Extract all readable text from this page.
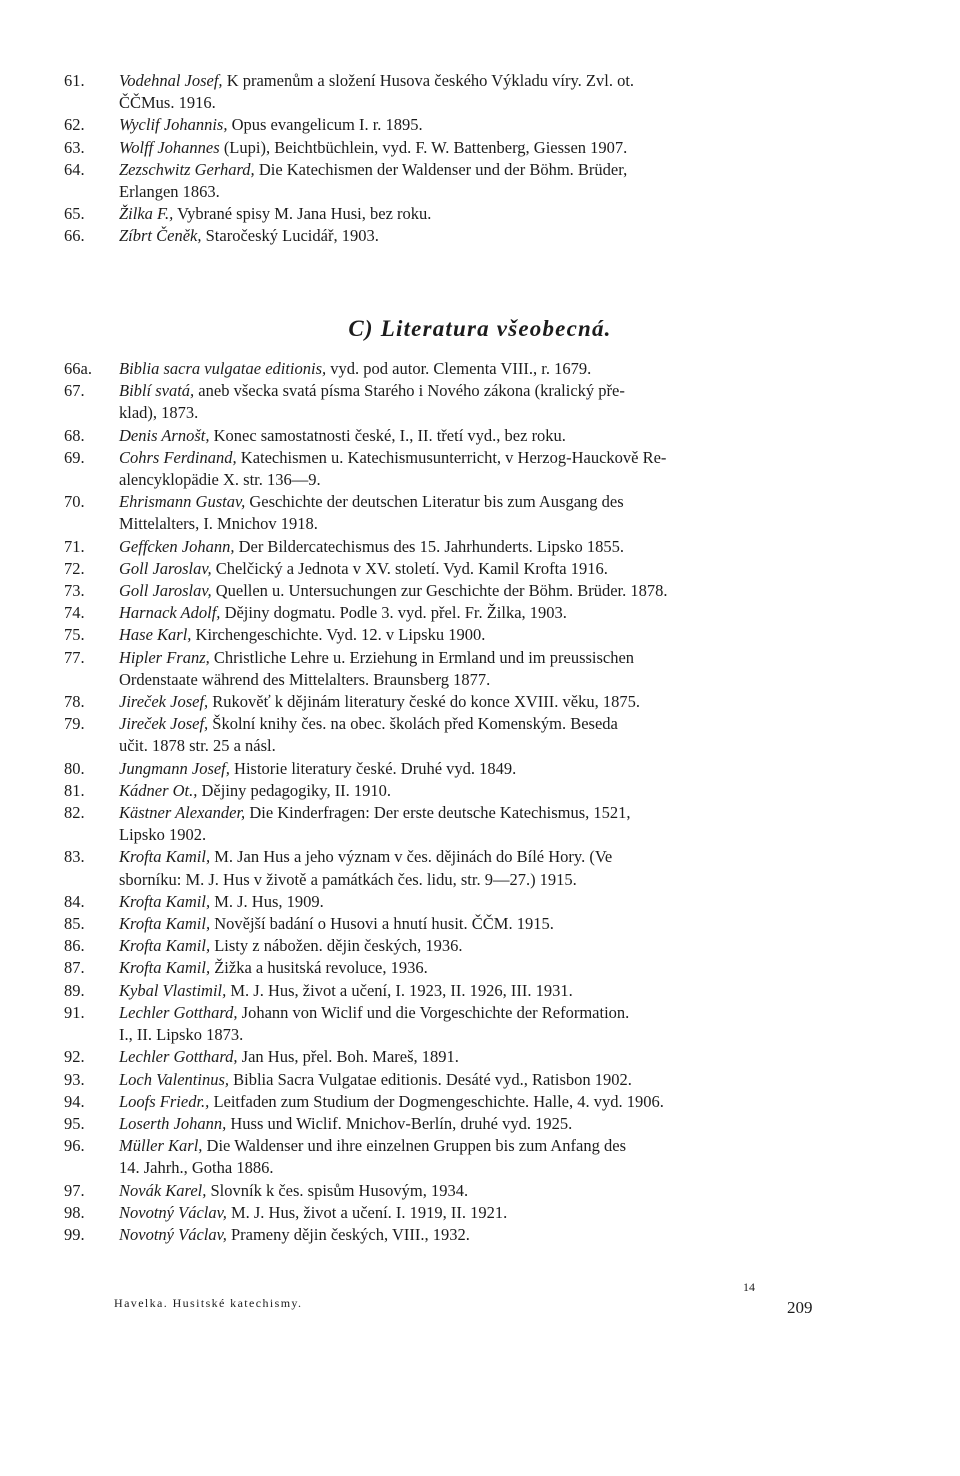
61.	Vodehnal Josef, K pramenům a složení Husova českého Výkladu víry. Zvl. ot.
ČČMus. 1916.

62.	Wyclif Johannis, Opus evangelicum I. r. 1895.

63.	Wolff Johannes (Lupi), Beichtbüchlein, vyd. F. W. Battenberg, Giessen 1907.

64.	Zezschwitz Gerhard, Die Katechismen der Waldenser und der Böhm. Brüder,
Erlangen 1863.

65.	Žilka F., Vybrané spisy M. Jana Husi, bez roku.

66.	Zíbrt Čeněk, Staročeský Lucidář, 1903.

C) Literatura všeobecná.

66a.	Biblia sacra vulgatae editionis, vyd. pod autor. Clementa VIII., r. 1679.

67.	Biblí svatá, aneb všecka svatá písma Starého i Nového zákona (kralický pře-
klad), 1873.

68.	Denis Arnošt, Konec samostatnosti české, I., II. třetí vyd., bez roku.

69.	Cohrs Ferdinand, Katechismen u. Katechismusunterricht, v Herzog-Hauckově Re-
alencyklopädie X. str. 136—9.

70.	Ehrismann Gustav, Geschichte der deutschen Literatur bis zum Ausgang des
Mittelalters, I. Mnichov 1918.

71.	Geffcken Johann, Der Bildercatechismus des 15. Jahrhunderts. Lipsko 1855.

72.	Goll Jaroslav, Chelčický a Jednota v XV. století. Vyd. Kamil Krofta 1916.

73.	Goll Jaroslav, Quellen u. Untersuchungen zur Geschichte der Böhm. Brüder. 1878.

74.	Harnack Adolf, Dějiny dogmatu. Podle 3. vyd. přel. Fr. Žilka, 1903.

75.	Hase Karl, Kirchengeschichte. Vyd. 12. v Lipsku 1900.

77.	Hipler Franz, Christliche Lehre u. Erziehung in Ermland und im preussischen
Ordenstaate während des Mittelalters. Braunsberg 1877.

78.	Jireček Josef, Rukověť k dějinám literatury české do konce XVIII. věku, 1875.

79.	Jireček Josef, Školní knihy čes. na obec. školách před Komenským. Beseda
učit. 1878 str. 25 a násl.

80.	Jungmann Josef, Historie literatury české. Druhé vyd. 1849.

81.	Kádner Ot., Dějiny pedagogiky, II. 1910.

82.	Kästner Alexander, Die Kinderfragen: Der erste deutsche Katechismus, 1521,
Lipsko 1902.

83.	Krofta Kamil, M. Jan Hus a jeho význam v čes. dějinách do Bílé Hory. (Ve
sborníku: M. J. Hus v životě a památkách čes. lidu, str. 9—27.) 1915.

84.	Krofta Kamil, M. J. Hus, 1909.

85.	Krofta Kamil, Novější badání o Husovi a hnutí husit. ČČM. 1915.

86.	Krofta Kamil, Listy z nábožen. dějin českých, 1936.

87.	Krofta Kamil, Žižka a husitská revoluce, 1936.

89.	Kybal Vlastimil, M. J. Hus, život a učení, I. 1923, II. 1926, III. 1931.

91.	Lechler Gotthard, Johann von Wiclif und die Vorgeschichte der Reformation.
I., II. Lipsko 1873.

92.	Lechler Gotthard, Jan Hus, přel. Boh. Mareš, 1891.

93.	Loch Valentinus, Biblia Sacra Vulgatae editionis. Desáté vyd., Ratisbon 1902.

94.	Loofs Friedr., Leitfaden zum Studium der Dogmengeschichte. Halle, 4. vyd. 1906.

95.	Loserth Johann, Huss und Wiclif. Mnichov-Berlín, druhé vyd. 1925.

96.	Müller Karl, Die Waldenser und ihre einzelnen Gruppen bis zum Anfang des
14. Jahrh., Gotha 1886.

97.	Novák Karel, Slovník k čes. spisům Husovým, 1934.

98.	Novotný Václav, M. J. Hus, život a učení. I. 1919, II. 1921.

99.	Novotný Václav, Prameny dějin českých, VIII., 1932.

Havelka. Husitské katechismy.
14
209
